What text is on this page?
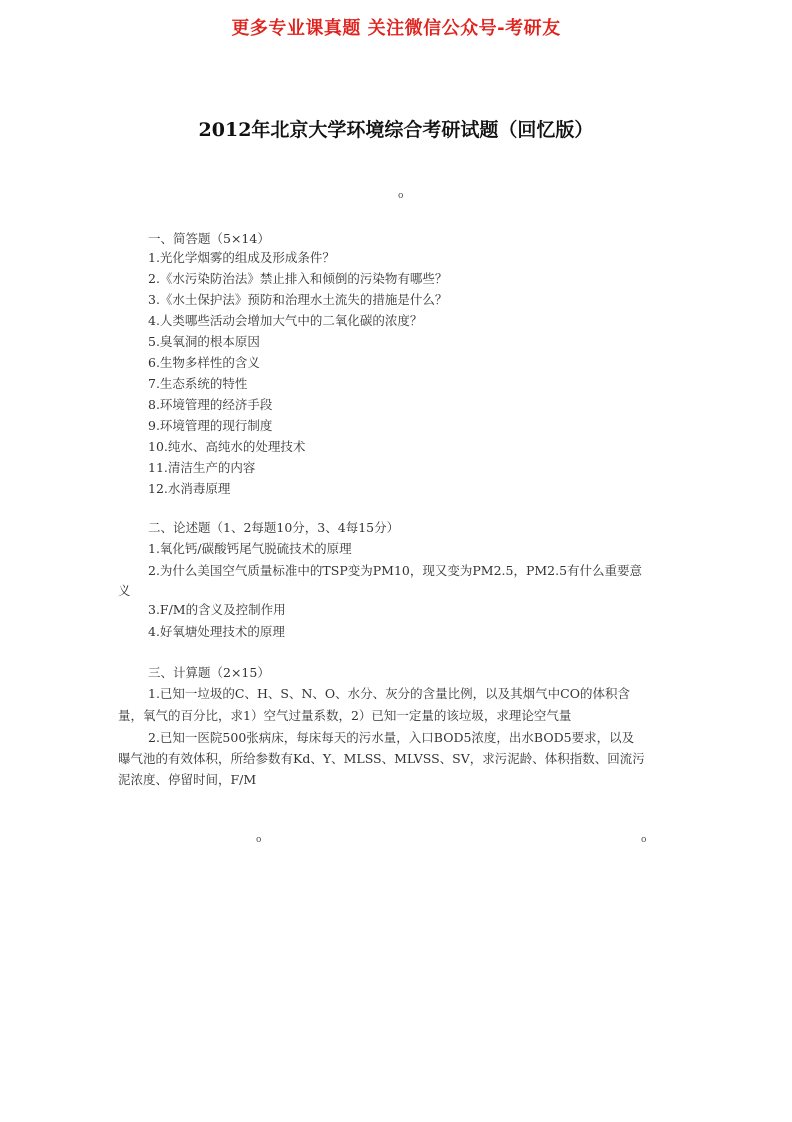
更多专业课真题 关注微信公众号-考研友
2012年北京大学环境综合考研试题（回忆版）
o
一、简答题（5×14）
1.光化学烟雾的组成及形成条件？
2.《水污染防治法》禁止排入和倾倒的污染物有哪些？
3.《水土保护法》预防和治理水土流失的措施是什么？
4.人类哪些活动会增加大气中的二氧化碳的浓度？
5.臭氧洞的根本原因
6.生物多样性的含义
7.生态系统的特性
8.环境管理的经济手段
9.环境管理的现行制度
10.纯水、高纯水的处理技术
11.清洁生产的内容
12.水消毒原理
二、论述题（1、2每题10分，3、4每15分）
1.氧化钙/碳酸钙尾气脱硫技术的原理
2.为什么美国空气质量标准中的TSP变为PM10，现又变为PM2.5，PM2.5有什么重要意
义
3.F/M的含义及控制作用
4.好氧塘处理技术的原理
三、计算题（2×15）
1.已知一垃圾的C、H、S、N、O、水分、灰分的含量比例，以及其烟气中CO的体积含
量，氧气的百分比，求1）空气过量系数，2）已知一定量的该垃圾，求理论空气量
2.已知一医院500张病床，每床每天的污水量，入口BOD5浓度，出水BOD5要求，以及
曝气池的有效体积，所给参数有Kd、Y、MLSS、MLVSS、SV，求污泥龄、体积指数、回流污
泥浓度、停留时间，F/M
o	o
